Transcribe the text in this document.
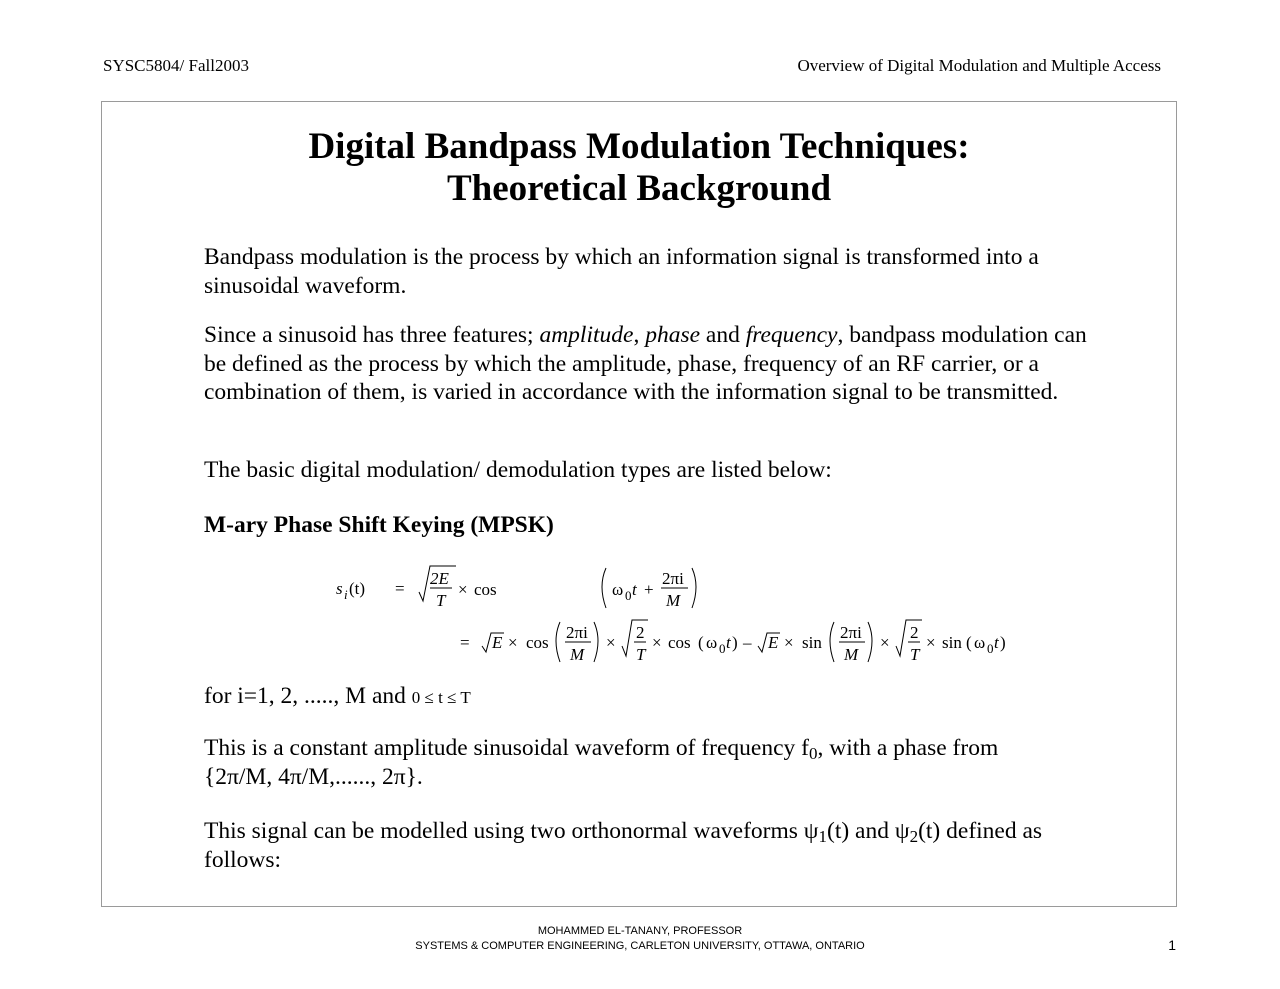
SYSC5804/ Fall2003	Overview of Digital Modulation and Multiple Access
Digital Bandpass Modulation Techniques:
Theoretical Background
Bandpass modulation is the process by which an information signal is transformed into a sinusoidal waveform.
Since a sinusoid has three features; amplitude, phase and frequency, bandpass modulation can be defined as the process by which the amplitude, phase, frequency of an RF carrier, or a combination of them, is varied in accordance with the information signal to be transmitted.
The basic digital modulation/ demodulation types are listed below:
M-ary Phase Shift Keying (MPSK)
s i (t) =
2E
T
× cos	ω 0 t +
2πi
M
= E × cos
2πi
M
×
2
T
× cos ( ω 0 t ) – E × sin
2πi
M
×
2
T
× sin ( ω 0 t )
for i=1, 2, ....., M and 0 ≤ t ≤ T
This is a constant amplitude sinusoidal waveform of frequency $f_0$, with a phase from
{2π/M, 4π/M,......, 2π}.
This signal can be modelled using two orthonormal waveforms $\psi_1(t)$ and $\psi_2(t)$ defined as follows:
MOHAMMED EL-TANANY, PROFESSOR
SYSTEMS & COMPUTER ENGINEERING, CARLETON UNIVERSITY, OTTAWA, ONTARIO	1
